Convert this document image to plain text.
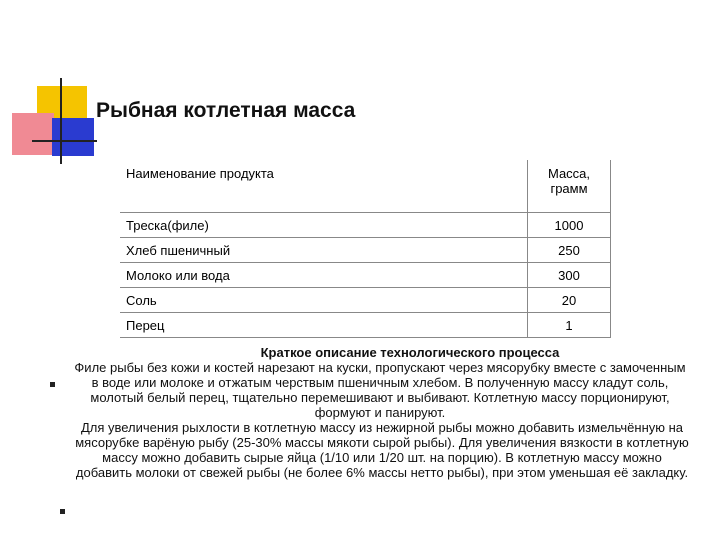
Рыбная котлетная масса
Наименование продукта	Масса,
грамм
Треска(филе)	1000
Хлеб пшеничный	250
Молоко или вода	300
Соль	20
Перец	1
Краткое описание технологического процесса
Филе рыбы без кожи и костей нарезают на куски, пропускают через мясорубку вместе с замоченным в воде или молоке и отжатым черствым пшеничным хлебом. В полученную массу кладут соль, молотый белый перец, тщательно перемешивают и выбивают. Котлетную массу порционируют, формуют и панируют.
Для увеличения рыхлости в котлетную массу из нежирной рыбы можно добавить измельчённую на мясорубке варёную рыбу (25-30% массы мякоти сырой рыбы). Для увеличения вязкости в котлетную массу можно добавить сырые яйца (1/10 или 1/20 шт. на порцию). В котлетную массу можно добавить молоки от свежей рыбы (не более 6% массы нетто рыбы), при этом уменьшая её закладку.
